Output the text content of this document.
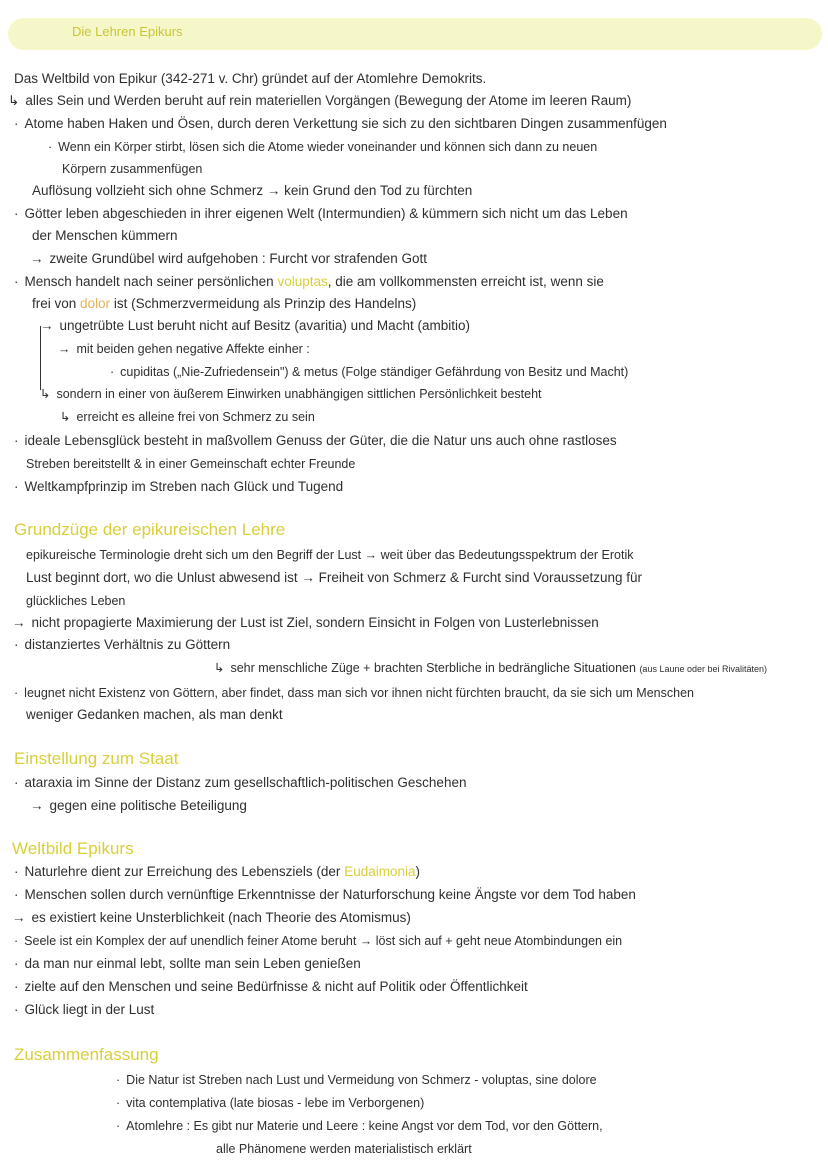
Die Lehren Epikurs
Das Weltbild von Epikur (342-271 v. Chr) gründet auf der Atomlehre Demokrits.
↳ alles Sein und Werden beruht auf rein materiellen Vorgängen (Bewegung der Atome im leeren Raum)
· Atome haben Haken und Ösen, durch deren Verkettung sie sich zu den sichtbaren Dingen zusammenfügen
· Wenn ein Körper stirbt, lösen sich die Atome wieder voneinander und können sich dann zu neuen
Körpern zusammenfügen
Auflösung vollzieht sich ohne Schmerz → kein Grund den Tod zu fürchten
· Götter leben abgeschieden in ihrer eigenen Welt (Intermundien) & kümmern sich nicht um das Leben
der Menschen kümmern
→ zweite Grundübel wird aufgehoben : Furcht vor strafenden Gott
· Mensch handelt nach seiner persönlichen voluptas, die am vollkommensten erreicht ist, wenn sie
frei von dolor ist (Schmerzvermeidung als Prinzip des Handelns)
→ ungetrübte Lust beruht nicht auf Besitz (avaritia) und Macht (ambitio)
→ mit beiden gehen negative Affekte einher :
· cupiditas („Nie-Zufriedensein") & metus (Folge ständiger Gefährdung von Besitz und Macht)
↳ sondern in einer von äußerem Einwirken unabhängigen sittlichen Persönlichkeit besteht
↳ erreicht es alleine frei von Schmerz zu sein
· ideale Lebensglück besteht in maßvollem Genuss der Güter, die die Natur uns auch ohne rastloses
Streben bereitstellt & in einer Gemeinschaft echter Freunde
· Weltkampfprinzip im Streben nach Glück und Tugend
Grundzüge der epikureischen Lehre
epikureische Terminologie dreht sich um den Begriff der Lust → weit über das Bedeutungsspektrum der Erotik
Lust beginnt dort, wo die Unlust abwesend ist → Freiheit von Schmerz & Furcht sind Voraussetzung für
glückliches Leben
→ nicht propagierte Maximierung der Lust ist Ziel, sondern Einsicht in Folgen von Lusterlebnissen
· distanziertes Verhältnis zu Göttern
↳ sehr menschliche Züge + brachten Sterbliche in bedrängliche Situationen (aus Laune oder bei Rivalitäten)
· leugnet nicht Existenz von Göttern, aber findet, dass man sich vor ihnen nicht fürchten braucht, da sie sich um Menschen
weniger Gedanken machen, als man denkt
Einstellung zum Staat
· ataraxia im Sinne der Distanz zum gesellschaftlich-politischen Geschehen
→ gegen eine politische Beteiligung
Weltbild Epikurs
· Naturlehre dient zur Erreichung des Lebensziels (der Eudaimonia)
· Menschen sollen durch vernünftige Erkenntnisse der Naturforschung keine Ängste vor dem Tod haben
→ es existiert keine Unsterblichkeit (nach Theorie des Atomismus)
· Seele ist ein Komplex der auf unendlich feiner Atome beruht → löst sich auf + geht neue Atombindungen ein
· da man nur einmal lebt, sollte man sein Leben genießen
· zielte auf den Menschen und seine Bedürfnisse & nicht auf Politik oder Öffentlichkeit
· Glück liegt in der Lust
Zusammenfassung
· Die Natur ist Streben nach Lust und Vermeidung von Schmerz - voluptas, sine dolore
· vita contemplativa (late biosas - lebe im Verborgenen)
· Atomlehre : Es gibt nur Materie und Leere : keine Angst vor dem Tod, vor den Göttern,
alle Phänomene werden materialistisch erklärt
